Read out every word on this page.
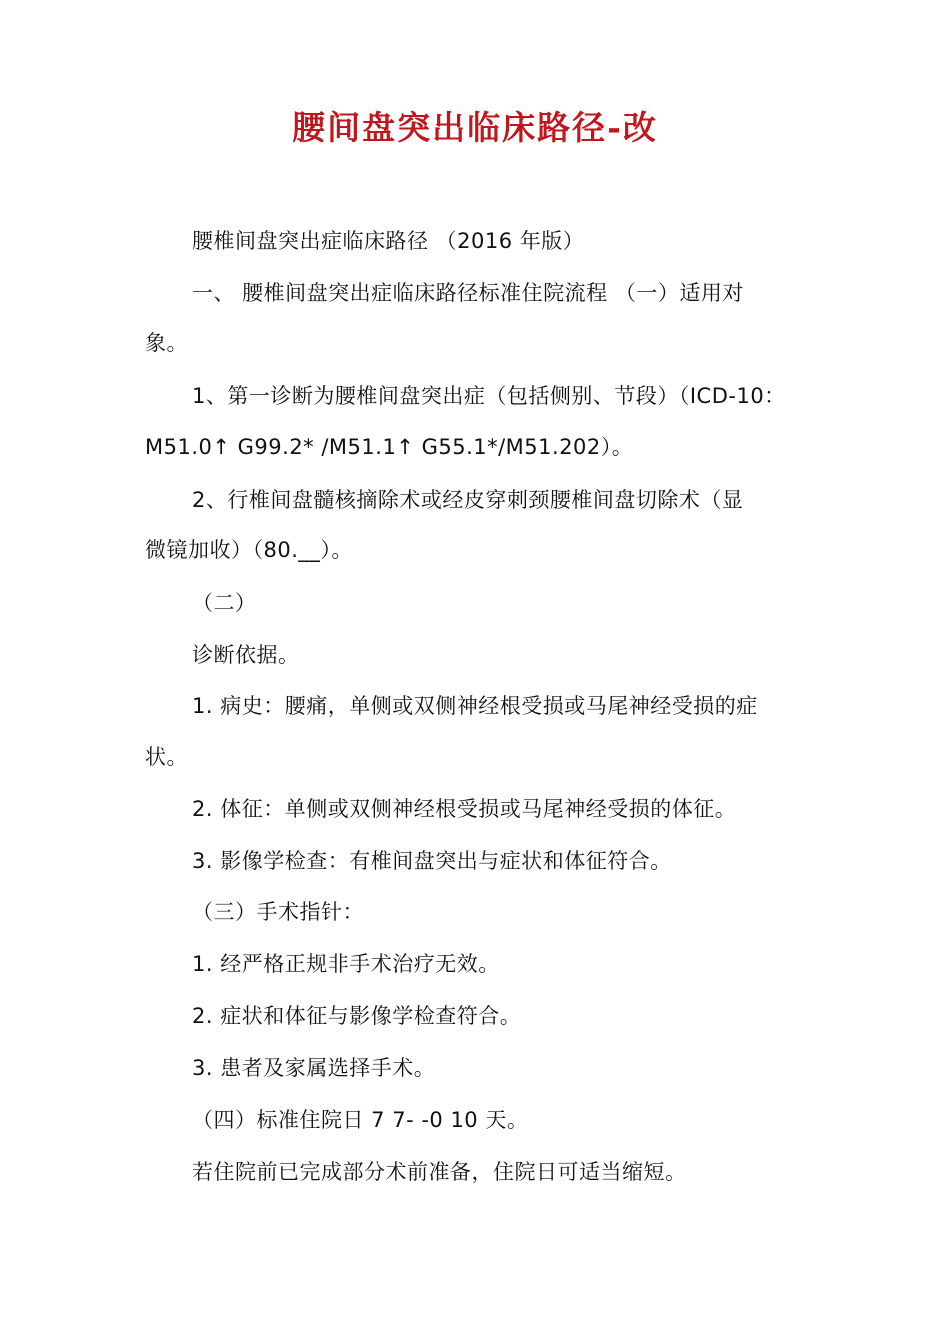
腰间盘突出临床路径-改
腰椎间盘突出症临床路径 （2016 年版）
一、 腰椎间盘突出症临床路径标准住院流程 （一）适用对
象。
1、第一诊断为腰椎间盘突出症（包括侧别、节段）（ICD-10：
M51.0↑ G99.2* /M51.1↑ G55.1*/M51.202）。
2、行椎间盘髓核摘除术或经皮穿刺颈腰椎间盘切除术（显
微镜加收）（80.__）。
（二）
诊断依据。
1. 病史：腰痛，单侧或双侧神经根受损或马尾神经受损的症
状。
2. 体征：单侧或双侧神经根受损或马尾神经受损的体征。
3. 影像学检查：有椎间盘突出与症状和体征符合。
（三）手术指针：
1. 经严格正规非手术治疗无效。
2. 症状和体征与影像学检查符合。
3. 患者及家属选择手术。
（四）标准住院日 7 7- -0 10 天。
若住院前已完成部分术前准备，住院日可适当缩短。
